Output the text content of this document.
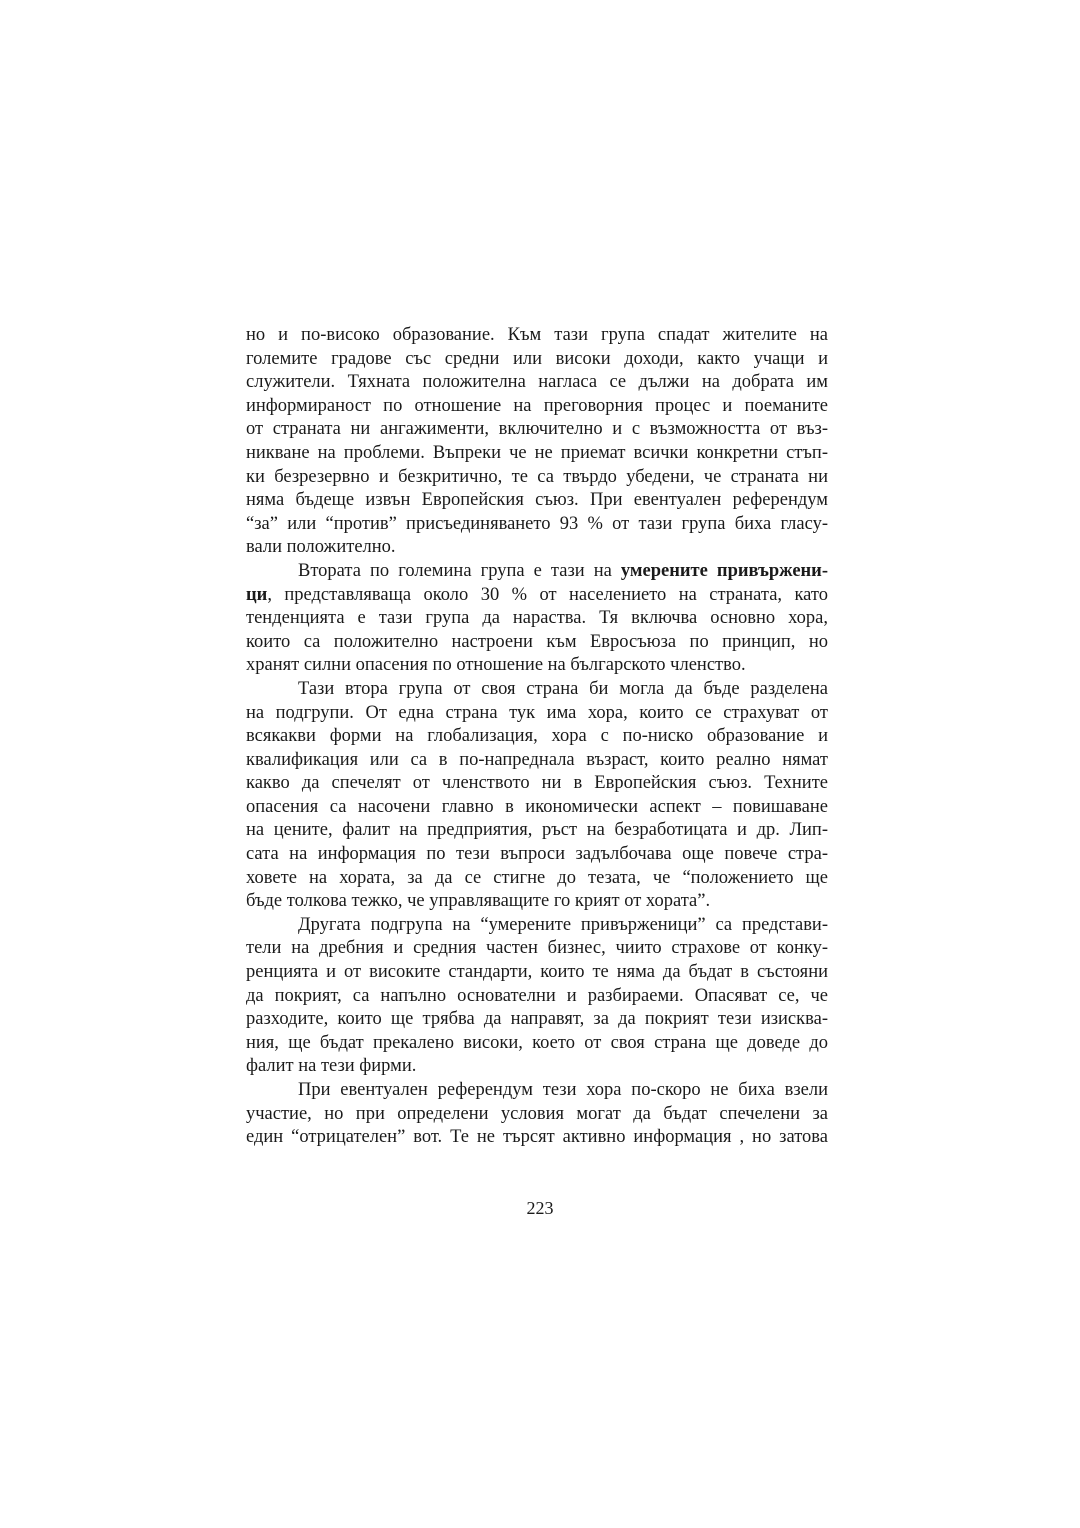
но и по-високо образование. Към тази група спадат жителите на
големите градове със средни или високи доходи, както учащи и
служители. Тяхната положителна нагласа се дължи на добрата им
информираност по отношение на преговорния процес и поеманите
от страната ни ангажименти, включително и с възможността от въз-
никване на проблеми. Въпреки че не приемат всички конкретни стъп-
ки безрезервно и безкритично, те са твърдо убедени, че страната ни
няма бъдеще извън Европейския съюз. При евентуален референдум
“за” или “против” присъединяването 93 % от тази група биха гласу-
вали положително.
Втората по големина група е тази на умерените привържени-
ци, представляваща около 30 % от населението на страната, като
тенденцията е тази група да нараства. Тя включва основно хора,
които са положително настроени към Евросъюза по принцип, но
хранят силни опасения по отношение на българското членство.
Тази втора група от своя страна би могла да бъде разделена
на подгрупи. От една страна тук има хора, които се страхуват от
всякакви форми на глобализация, хора с по-ниско образование и
квалификация или са в по-напреднала възраст, които реално нямат
какво да спечелят от членството ни в Европейския съюз. Техните
опасения са насочени главно в икономически аспект – повишаване
на цените, фалит на предприятия, ръст на безработицата и др. Лип-
сата на информация по тези въпроси задълбочава още повече стра-
ховете на хората, за да се стигне до тезата, че “положението ще
бъде толкова тежко, че управляващите го крият от хората”.
Другата подгрупа на “умерените привърженици” са представи-
тели на дребния и средния частен бизнес, чиито страхове от конку-
ренцията и от високите стандарти, които те няма да бъдат в състояни
да покрият, са напълно основателни и разбираеми. Опасяват се, че
разходите, които ще трябва да направят, за да покрият тези изисква-
ния, ще бъдат прекалено високи, което от своя страна ще доведе до
фалит на тези фирми.
При евентуален референдум тези хора по-скоро не биха взели
участие, но при определени условия могат да бъдат спечелени за
един “отрицателен” вот. Те не търсят активно информация , но затова
223
